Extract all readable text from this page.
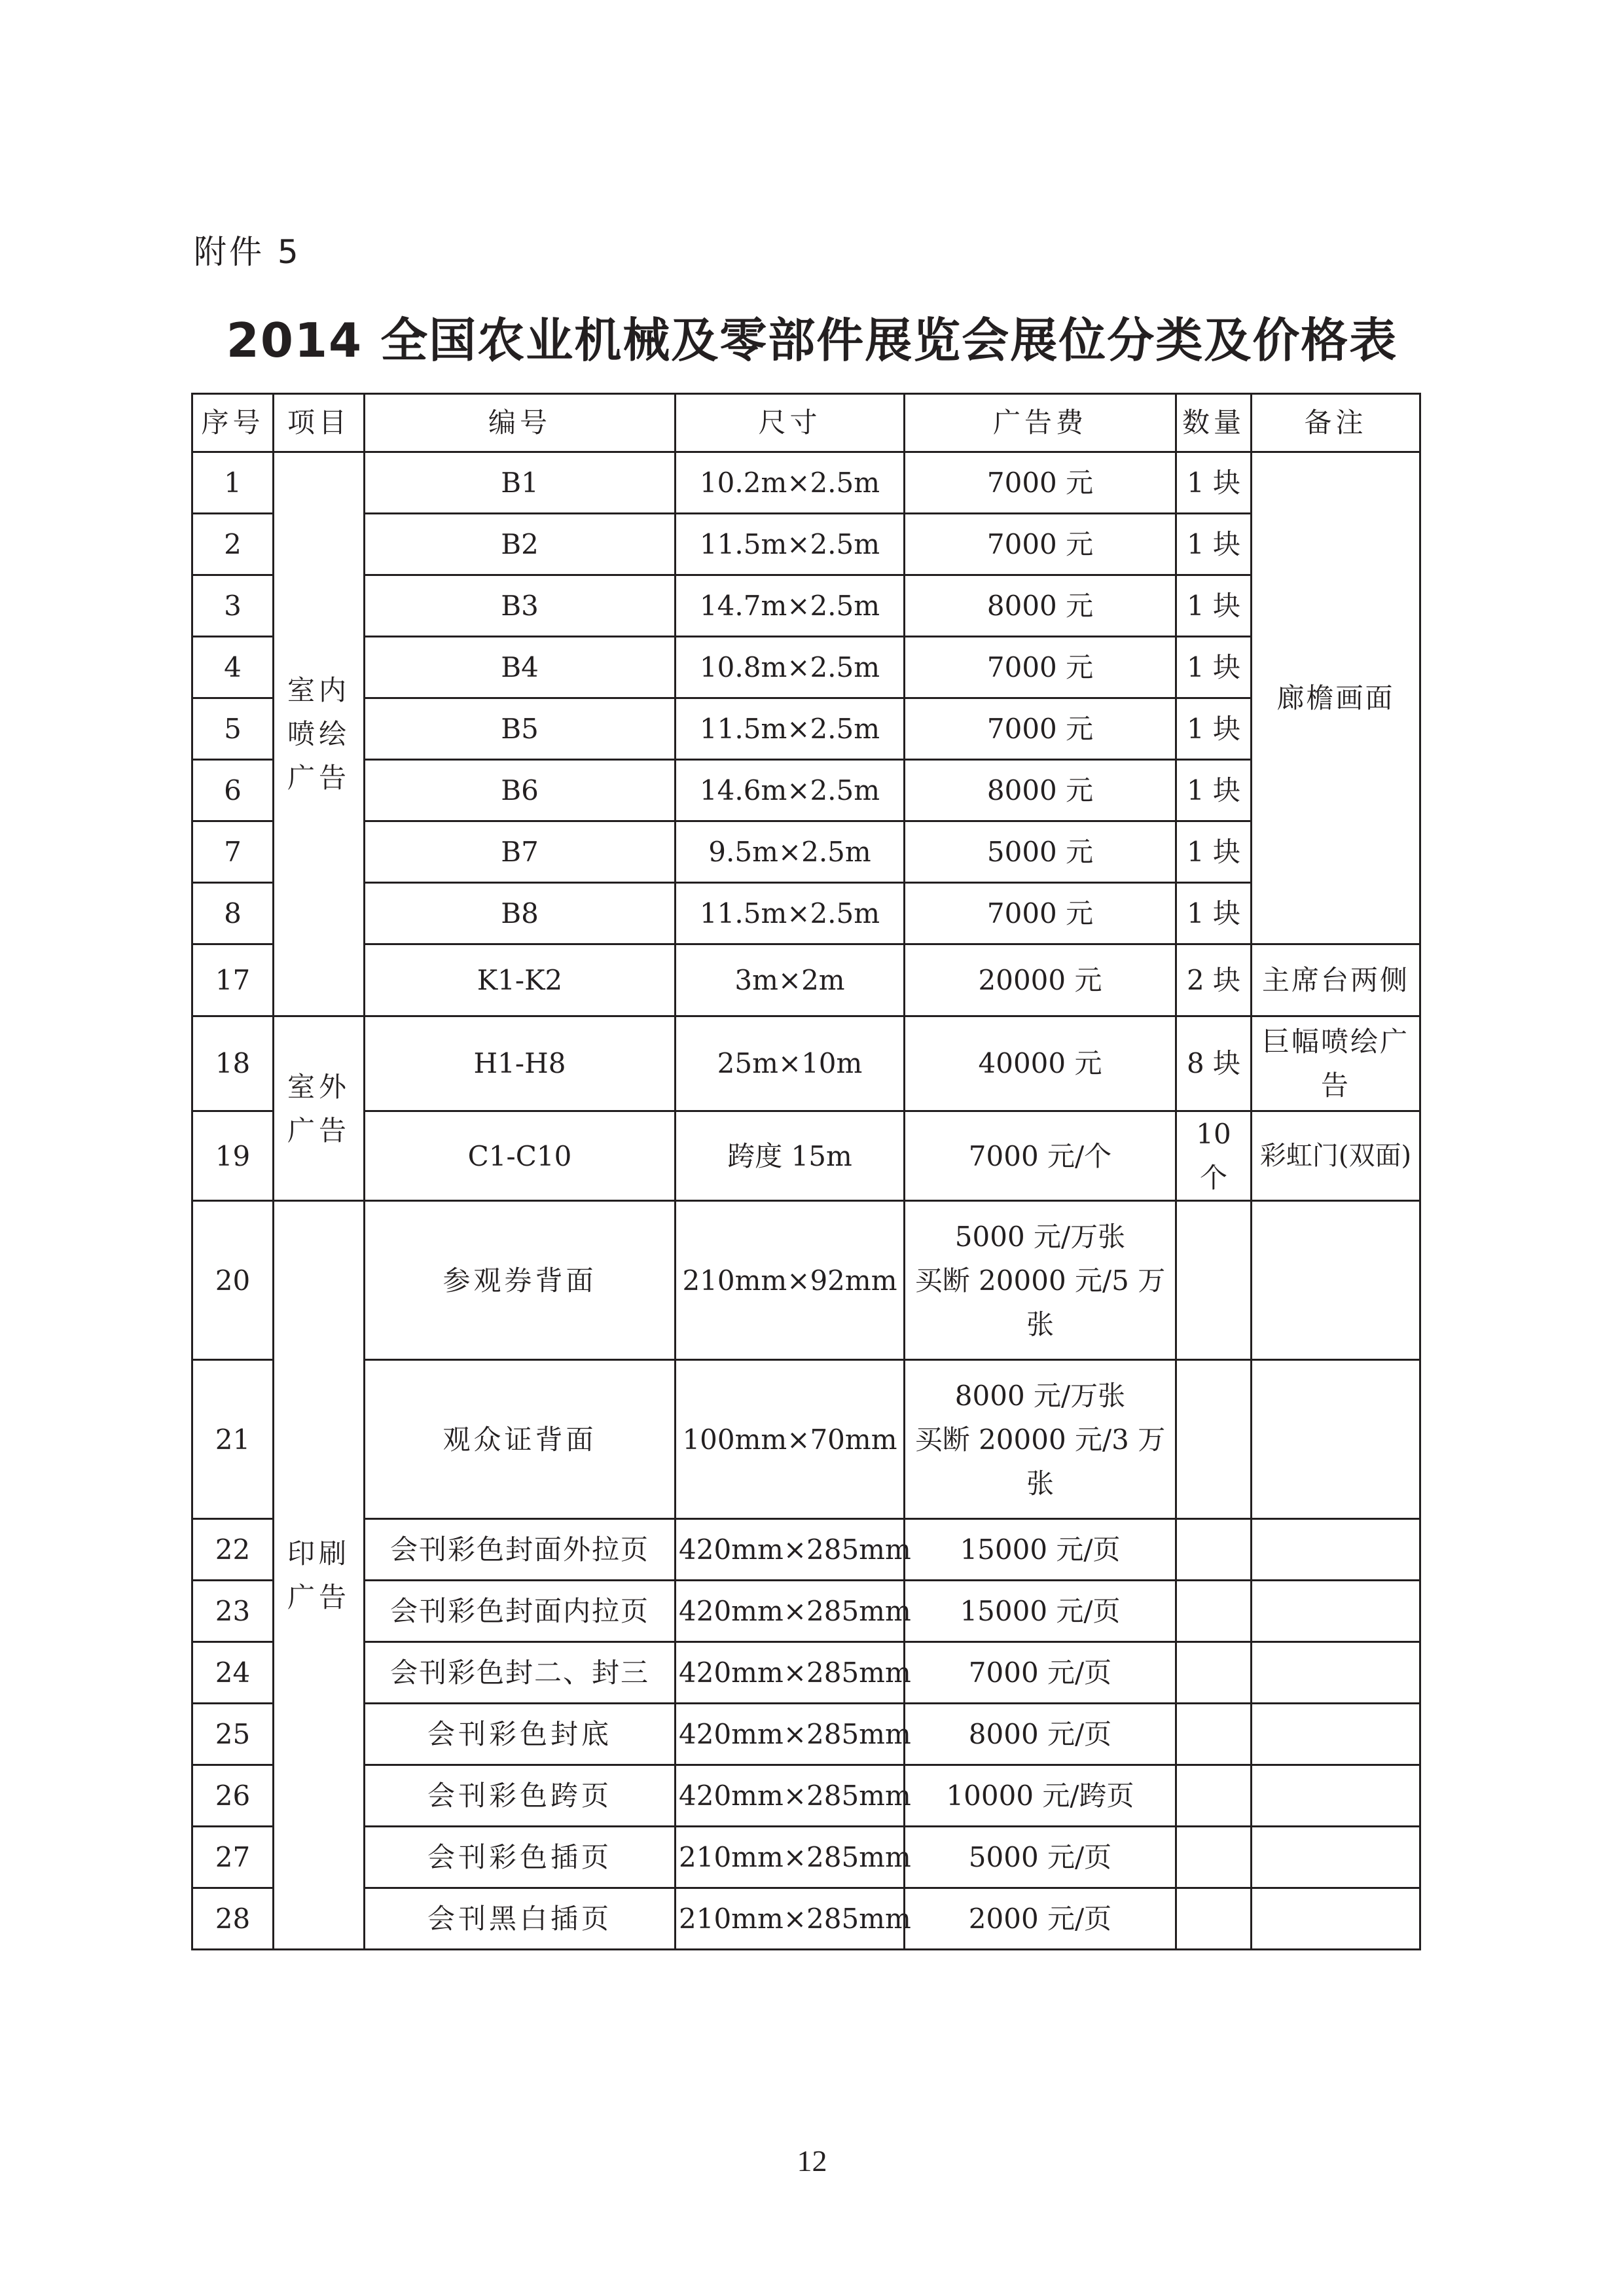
附件 5
2014 全国农业机械及零部件展览会展位分类及价格表
序号	项目	编号	尺寸	广告费	数量	备注
1	室内喷绘广告	B1	10.2m×2.5m	7000 元	1 块	廊檐画面
2		B2	11.5m×2.5m	7000 元	1 块	
3		B3	14.7m×2.5m	8000 元	1 块	
4		B4	10.8m×2.5m	7000 元	1 块	
5		B5	11.5m×2.5m	7000 元	1 块	
6		B6	14.6m×2.5m	8000 元	1 块	
7		B7	9.5m×2.5m	5000 元	1 块	
8		B8	11.5m×2.5m	7000 元	1 块	
17		K1-K2	3m×2m	20000 元	2 块	主席台两侧
18	室外广告	H1-H8	25m×10m	40000 元	8 块	巨幅喷绘广告
19		C1-C10	跨度 15m	7000 元/个	10 个	彩虹门(双面)
20	印刷广告	参观券背面	210mm×92mm	5000 元/万张
买断 20000 元/5 万张		

21		观众证背面	100mm×70mm	8000 元/万张
买断 20000 元/3 万张		

22		会刊彩色封面外拉页	420mm×285mm	15000 元/页		
23		会刊彩色封面内拉页	420mm×285mm	15000 元/页		
24		会刊彩色封二、封三	420mm×285mm	7000 元/页		
25		会刊彩色封底	420mm×285mm	8000 元/页		
26		会刊彩色跨页	420mm×285mm	10000 元/跨页		
27		会刊彩色插页	210mm×285mm	5000 元/页		
28		会刊黑白插页	210mm×285mm	2000 元/页		
12
